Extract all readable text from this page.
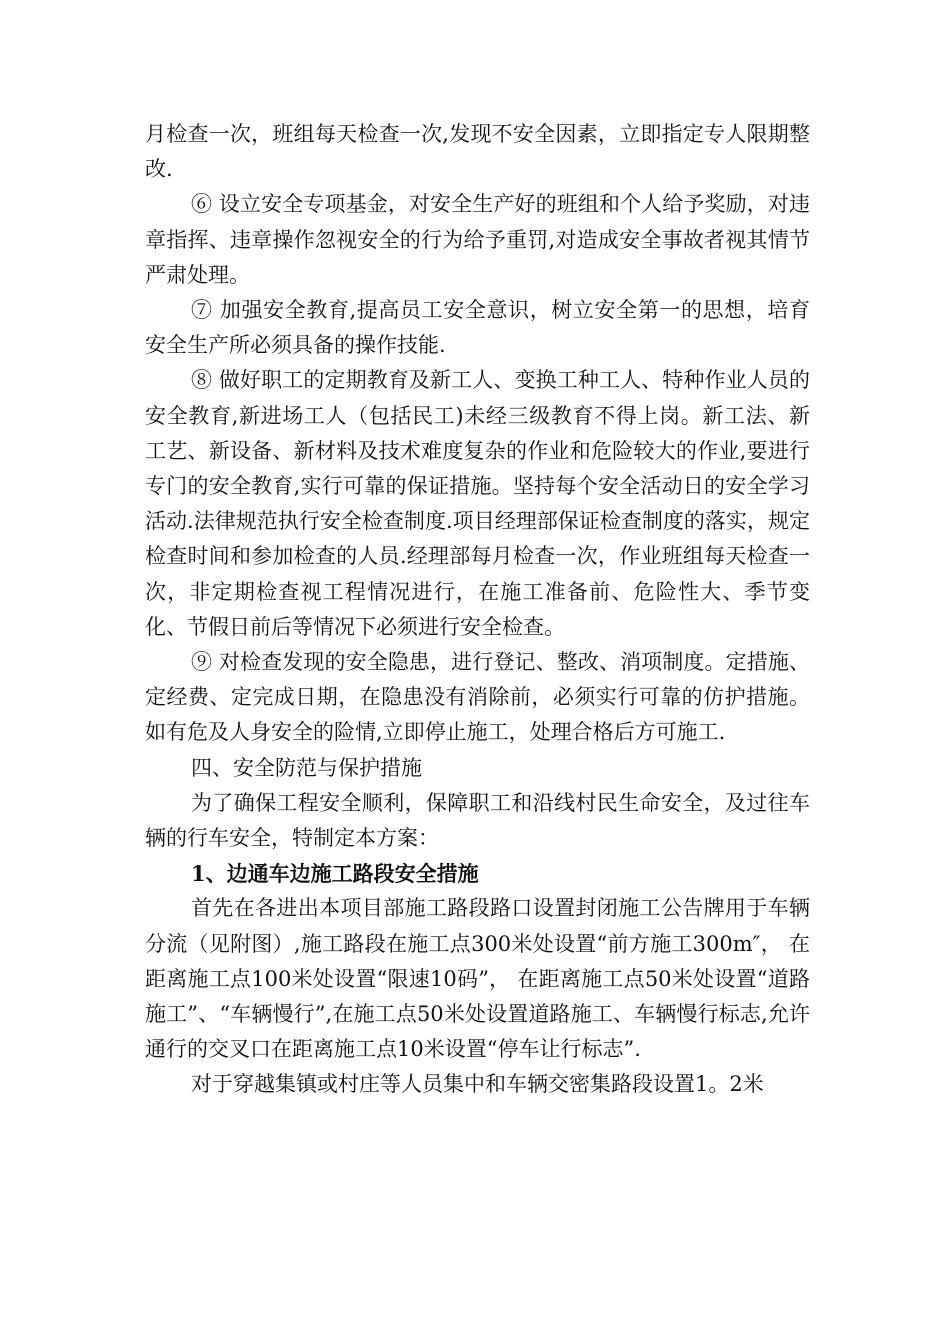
月检查一次，班组每天检查一次,发现不安全因素，立即指定专人限期整改.

⑥ 设立安全专项基金，对安全生产好的班组和个人给予奖励，对违章指挥、违章操作忽视安全的行为给予重罚,对造成安全事故者视其情节严肃处理。

⑦ 加强安全教育,提高员工安全意识，树立安全第一的思想，培育安全生产所必须具备的操作技能.

⑧ 做好职工的定期教育及新工人、变换工种工人、特种作业人员的安全教育,新进场工人（包括民工)未经三级教育不得上岗。新工法、新工艺、新设备、新材料及技术难度复杂的作业和危险较大的作业,要进行专门的安全教育,实行可靠的保证措施。坚持每个安全活动日的安全学习活动.法律规范执行安全检查制度.项目经理部保证检查制度的落实，规定检查时间和参加检查的人员.经理部每月检查一次，作业班组每天检查一次，非定期检查视工程情况进行，在施工准备前、危险性大、季节变化、节假日前后等情况下必须进行安全检查。

⑨ 对检查发现的安全隐患，进行登记、整改、消项制度。定措施、定经费、定完成日期，在隐患没有消除前，必须实行可靠的仿护措施。如有危及人身安全的险情,立即停止施工，处理合格后方可施工.

四、安全防范与保护措施

为了确保工程安全顺利，保障职工和沿线村民生命安全，及过往车辆的行车安全，特制定本方案：

1、边通车边施工路段安全措施

首先在各进出本项目部施工路段路口设置封闭施工公告牌用于车辆分流（见附图）,施工路段在施工点300米处设置“前方施工300m″， 在距离施工点100米处设置“限速10码”， 在距离施工点50米处设置“道路施工”、“车辆慢行”,在施工点50米处设置道路施工、车辆慢行标志,允许通行的交叉口在距离施工点10米设置“停车让行标志”.

对于穿越集镇或村庄等人员集中和车辆交密集路段设置1。2米
